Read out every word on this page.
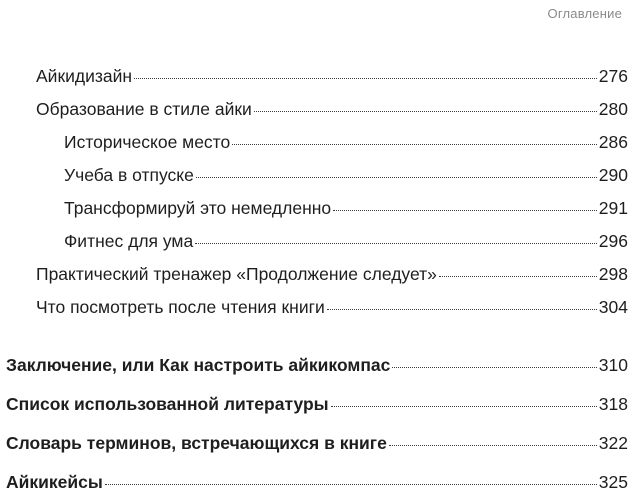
Оглавление
Айкидизайн	276
Образование в стиле айки	280
Историческое место	286
Учеба в отпуске	290
Трансформируй это немедленно	291
Фитнес для ума	296
Практический тренажер «Продолжение следует»	298
Что посмотреть после чтения книги	304
Заключение, или Как настроить айкикомпас	310
Список использованной литературы	318
Словарь терминов, встречающихся в книге	322
Айкикейсы	325
